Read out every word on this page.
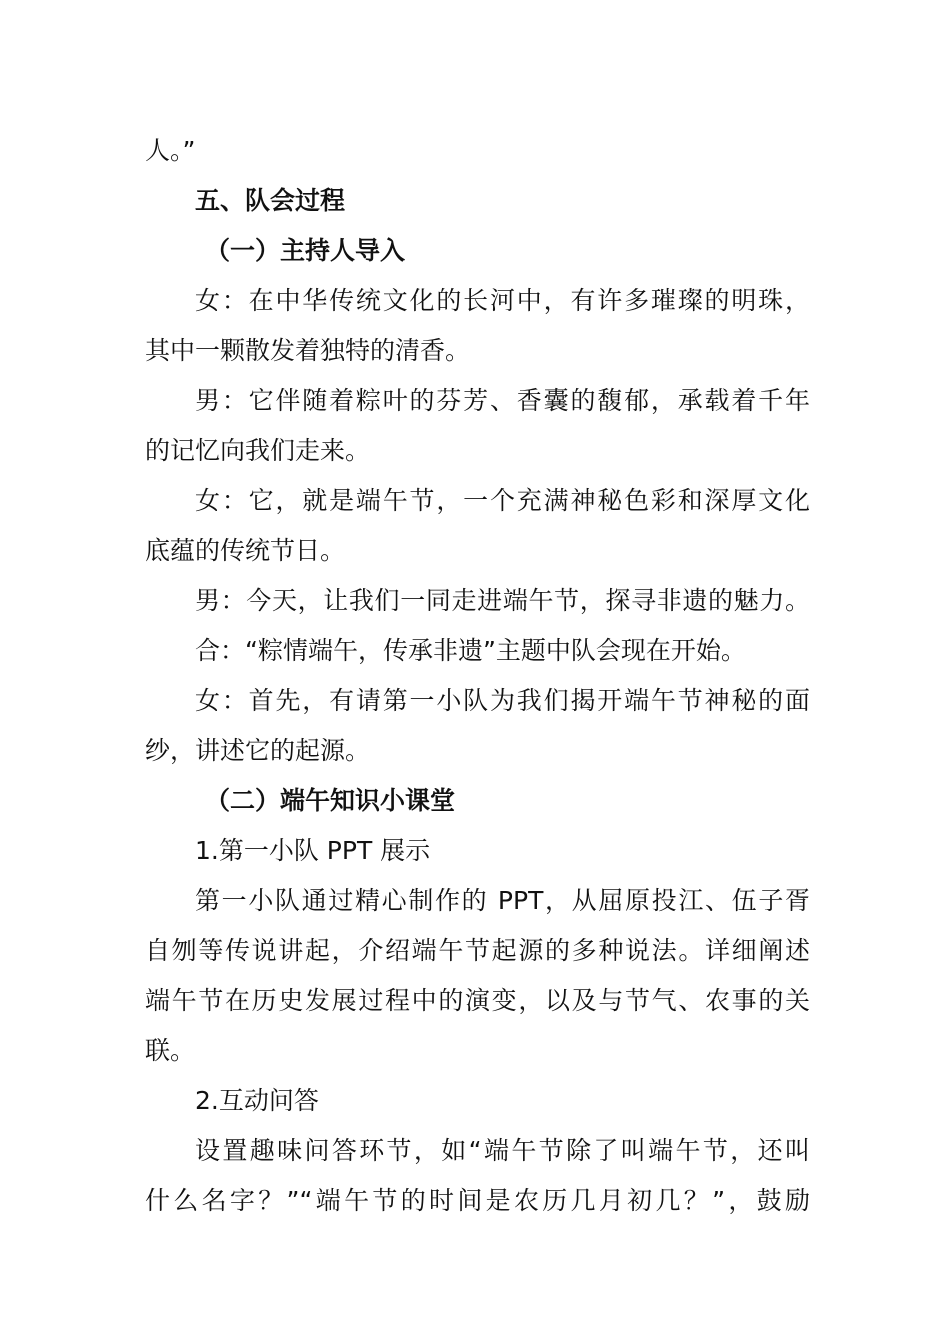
人。”
五、队会过程
（一）主持人导入
女：在中华传统文化的长河中，有许多璀璨的明珠，
其中一颗散发着独特的清香。
男：它伴随着粽叶的芬芳、香囊的馥郁，承载着千年
的记忆向我们走来。
女：它，就是端午节，一个充满神秘色彩和深厚文化
底蕴的传统节日。
男：今天，让我们一同走进端午节，探寻非遗的魅力。
合：“粽情端午，传承非遗”主题中队会现在开始。
女：首先，有请第一小队为我们揭开端午节神秘的面
纱，讲述它的起源。
（二）端午知识小课堂
1.第一小队 PPT 展示
第一小队通过精心制作的 PPT，从屈原投江、伍子胥
自刎等传说讲起，介绍端午节起源的多种说法。详细阐述
端午节在历史发展过程中的演变，以及与节气、农事的关
联。
2.互动问答
设置趣味问答环节，如“端午节除了叫端午节，还叫
什么名字？”“端午节的时间是农历几月初几？”，鼓励
